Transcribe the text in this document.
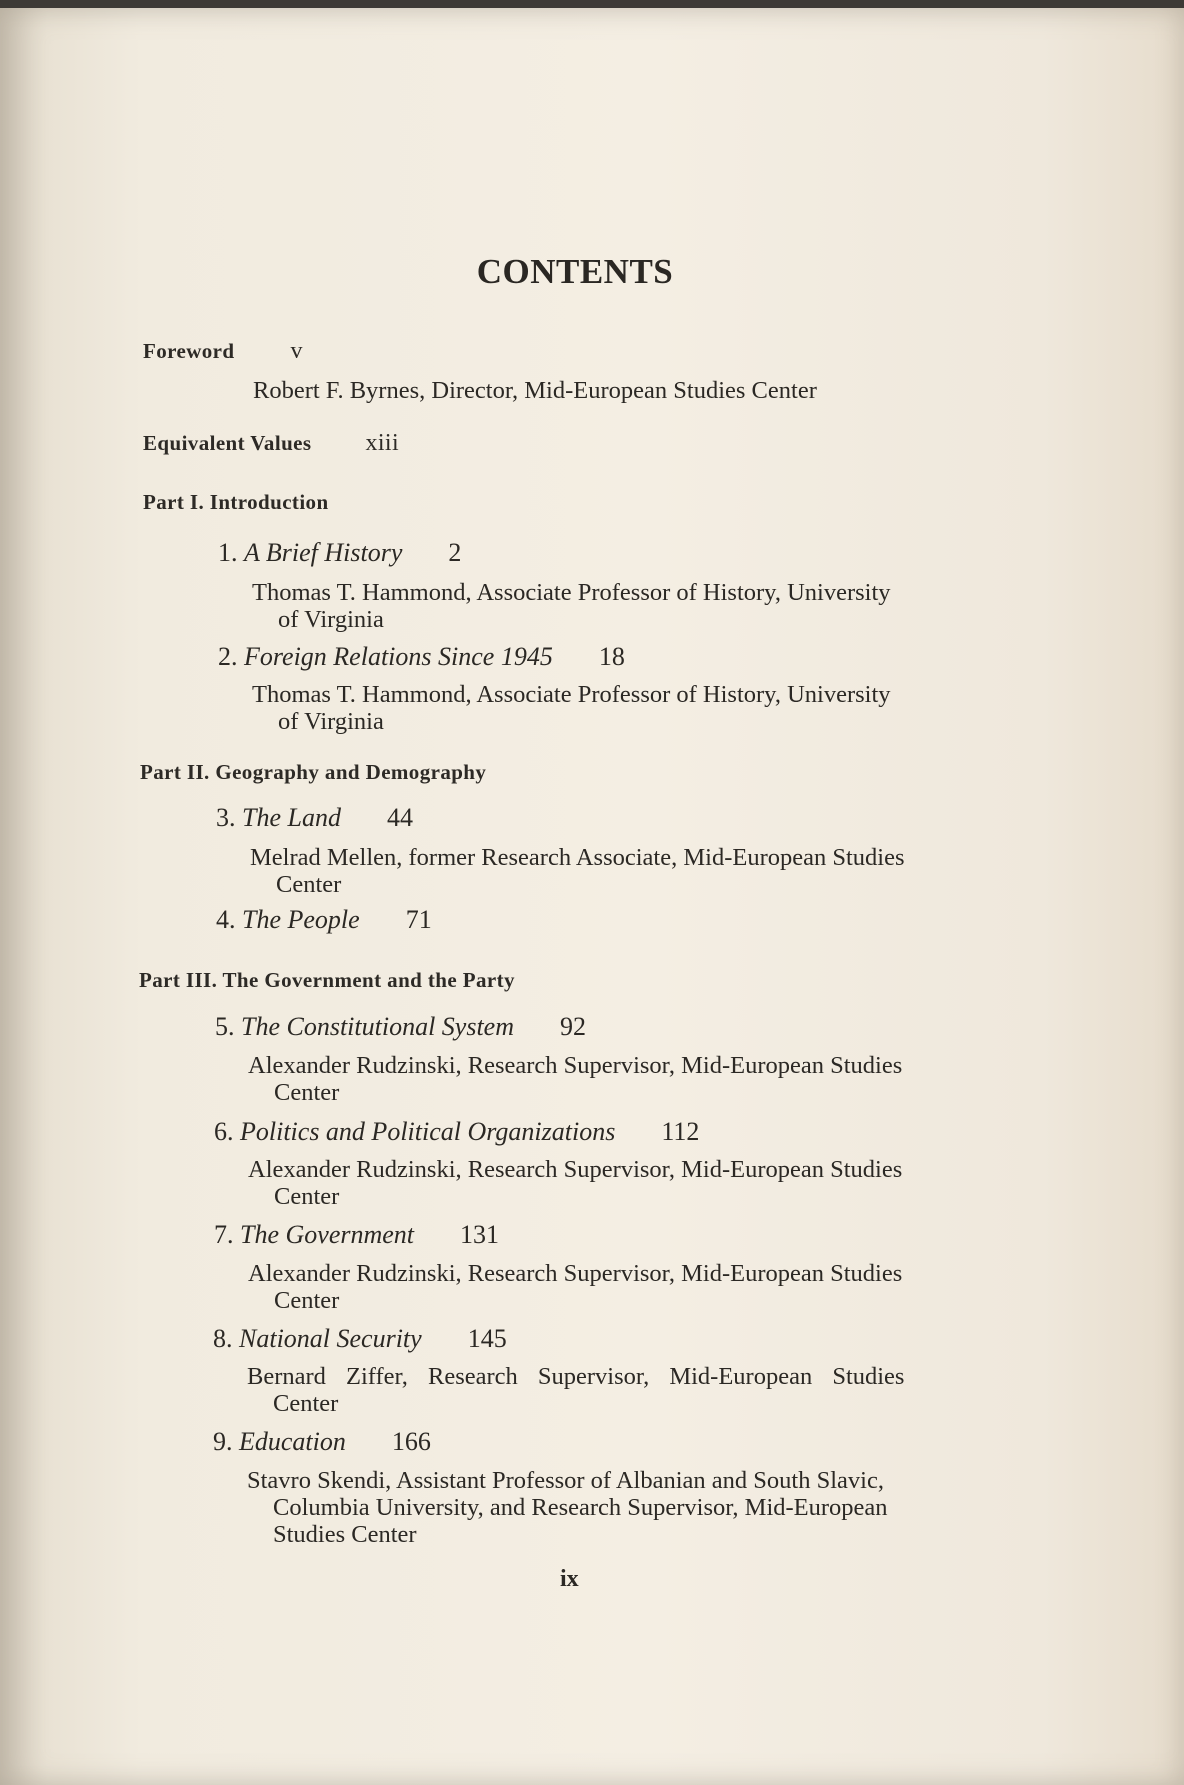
CONTENTS
Foreword v
Robert F. Byrnes, Director, Mid-European Studies Center
Equivalent Values xiii
Part I. Introduction
1. A Brief History 2
Thomas T. Hammond, Associate Professor of History, University
of Virginia
2. Foreign Relations Since 1945 18
Thomas T. Hammond, Associate Professor of History, University
of Virginia
Part II. Geography and Demography
3. The Land 44
Melrad Mellen, former Research Associate, Mid-European Studies
Center
4. The People 71
Part III. The Government and the Party
5. The Constitutional System 92
Alexander Rudzinski, Research Supervisor, Mid-European Studies
Center
6. Politics and Political Organizations 112
Alexander Rudzinski, Research Supervisor, Mid-European Studies
Center
7. The Government 131
Alexander Rudzinski, Research Supervisor, Mid-European Studies
Center
8. National Security 145
Bernard Ziffer, Research Supervisor, Mid-European Studies
Center
9. Education 166
Stavro Skendi, Assistant Professor of Albanian and South Slavic,
Columbia University, and Research Supervisor, Mid-European
Studies Center
ix
